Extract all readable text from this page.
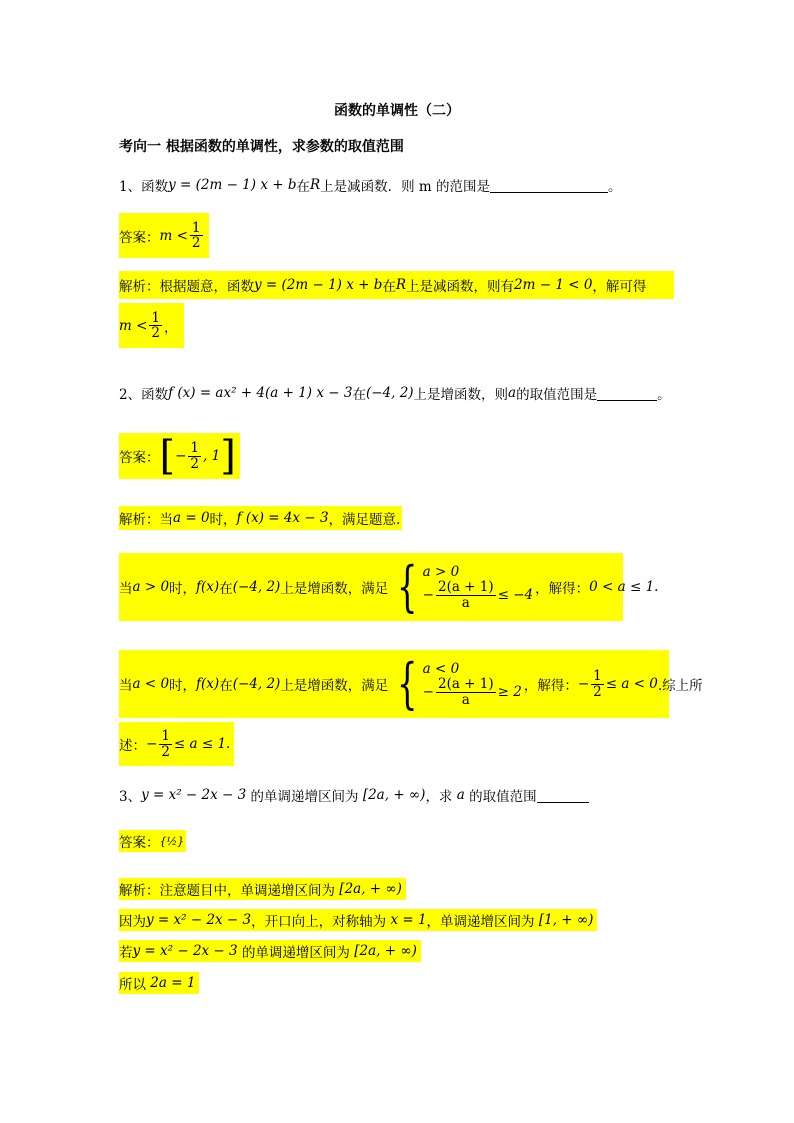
函数的单调性（二）
考向一 根据函数的单调性，求参数的取值范围
1、 函数 y = (2m − 1) x + b 在 R 上是减函数．则 m 的范围是	。
答案： $m < \frac{1}{2}$
解析：根据题意，函数 y = (2m − 1) x + b 在 R 上是减函数，则有 2m − 1 < 0 ，解可得
$m < \frac{1}{2}$ ，
2、 函数 f (x) = ax² + 4(a + 1) x − 3 在 (−4, 2) 上是增函数，则 a 的取值范围是	。
答案： [ − $\frac{1}{2}$ , 1 ]
解析：当 a = 0 时， f (x) = 4x − 3 ，满足题意.
当 a > 0 时， f(x) 在 (−4, 2) 上是增函数，满足 { a > 0
− $\frac{2(a + 1)}{a} \le -4$ ，解得： 0 < a ≤ 1.
当 a < 0 时， f(x) 在 (−4, 2) 上是增函数，满足 { a < 0
− $\frac{2(a + 1)}{a} \ge 2$ ，解得： − $\frac{1}{2} \le a < 0$ .综上所
述： − $\frac{1}{2} \le a \le 1$.
3、 y = x² − 2x − 3
的单调递增区间为
[2a, + ∞) ，求
a
的取值范围
答案： {½}
解析：注意题目中，单调递增区间为
[2a, + ∞)
因为 y = x² − 2x − 3 ，开口向上，对称轴为
x = 1 ，单调递增区间为
[1, + ∞)
若 y = x² − 2x − 3
的单调递增区间为
[2a, + ∞)
所以
2a = 1
